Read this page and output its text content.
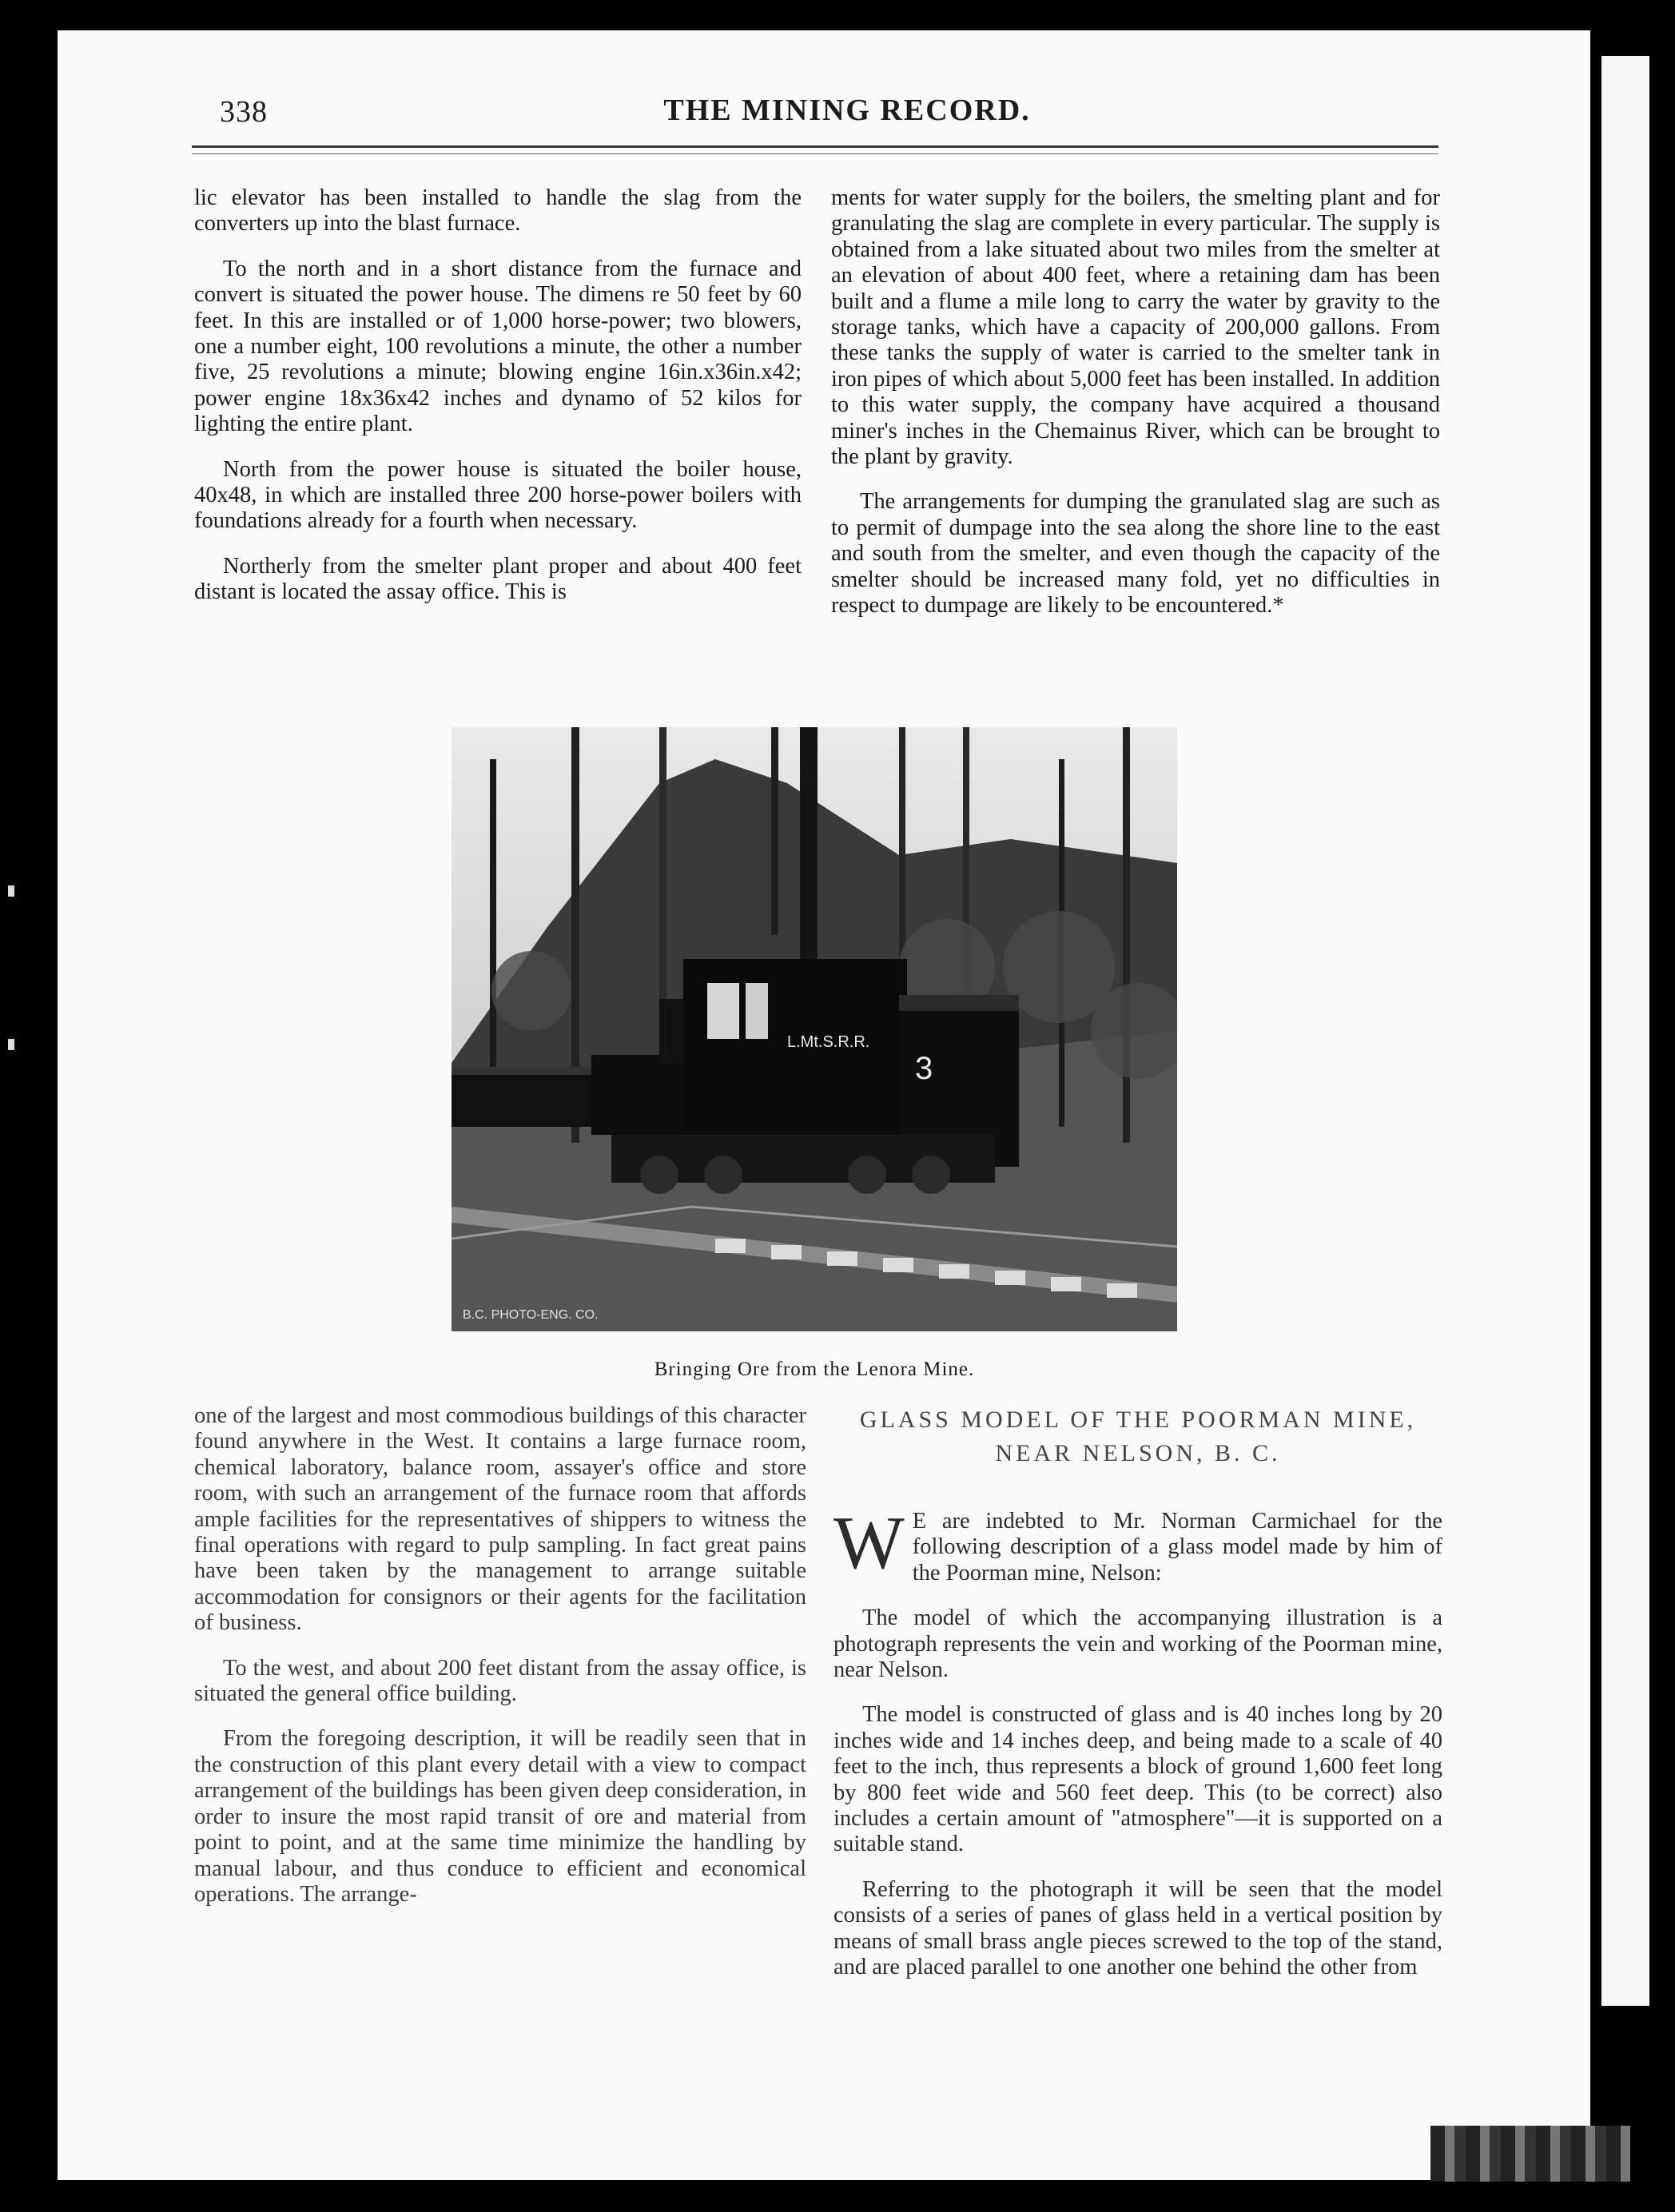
338	THE MINING RECORD.

lic elevator has been installed to handle the slag from the converters up into the blast furnace.

To the north and in a short distance from the furnace and convert is situated the power house. The dimens re 50 feet by 60 feet. In this are installed or of 1,000 horse-power; two blowers, one a number eight, 100 revolutions a minute, the other a number five, 25 revolutions a minute; blowing engine 16in.x36in.x42; power engine 18x36x42 inches and dynamo of 52 kilos for lighting the entire plant.

North from the power house is situated the boiler house, 40x48, in which are installed three 200 horse-power boilers with foundations already for a fourth when necessary.

Northerly from the smelter plant proper and about 400 feet distant is located the assay office. This is

ments for water supply for the boilers, the smelting plant and for granulating the slag are complete in every particular. The supply is obtained from a lake situated about two miles from the smelter at an elevation of about 400 feet, where a retaining dam has been built and a flume a mile long to carry the water by gravity to the storage tanks, which have a capacity of 200,000 gallons. From these tanks the supply of water is carried to the smelter tank in iron pipes of which about 5,000 feet has been installed. In addition to this water supply, the company have acquired a thousand miner's inches in the Chemainus River, which can be brought to the plant by gravity.

The arrangements for dumping the granulated slag are such as to permit of dumpage into the sea along the shore line to the east and south from the smelter, and even though the capacity of the smelter should be increased many fold, yet no difficulties in respect to dumpage are likely to be encountered.*

L.Mt.S.R.R.
3
B.C. PHOTO-ENG. CO.
Bringing Ore from the Lenora Mine.

one of the largest and most commodious buildings of this character found anywhere in the West. It contains a large furnace room, chemical laboratory, balance room, assayer's office and store room, with such an arrangement of the furnace room that affords ample facilities for the representatives of shippers to witness the final operations with regard to pulp sampling. In fact great pains have been taken by the management to arrange suitable accommodation for consignors or their agents for the facilitation of business.

To the west, and about 200 feet distant from the assay office, is situated the general office building.

From the foregoing description, it will be readily seen that in the construction of this plant every detail with a view to compact arrangement of the buildings has been given deep consideration, in order to insure the most rapid transit of ore and material from point to point, and at the same time minimize the handling by manual labour, and thus conduce to efficient and economical operations. The arrange-

GLASS MODEL OF THE POORMAN MINE,
NEAR NELSON, B. C.

W E are indebted to Mr. Norman Carmichael for the following description of a glass model made by him of the Poorman mine, Nelson:

The model of which the accompanying illustration is a photograph represents the vein and working of the Poorman mine, near Nelson.

The model is constructed of glass and is 40 inches long by 20 inches wide and 14 inches deep, and being made to a scale of 40 feet to the inch, thus represents a block of ground 1,600 feet long by 800 feet wide and 560 feet deep. This (to be correct) also includes a certain amount of "atmosphere"—it is supported on a suitable stand.

Referring to the photograph it will be seen that the model consists of a series of panes of glass held in a vertical position by means of small brass angle pieces screwed to the top of the stand, and are placed parallel to one another one behind the other from
